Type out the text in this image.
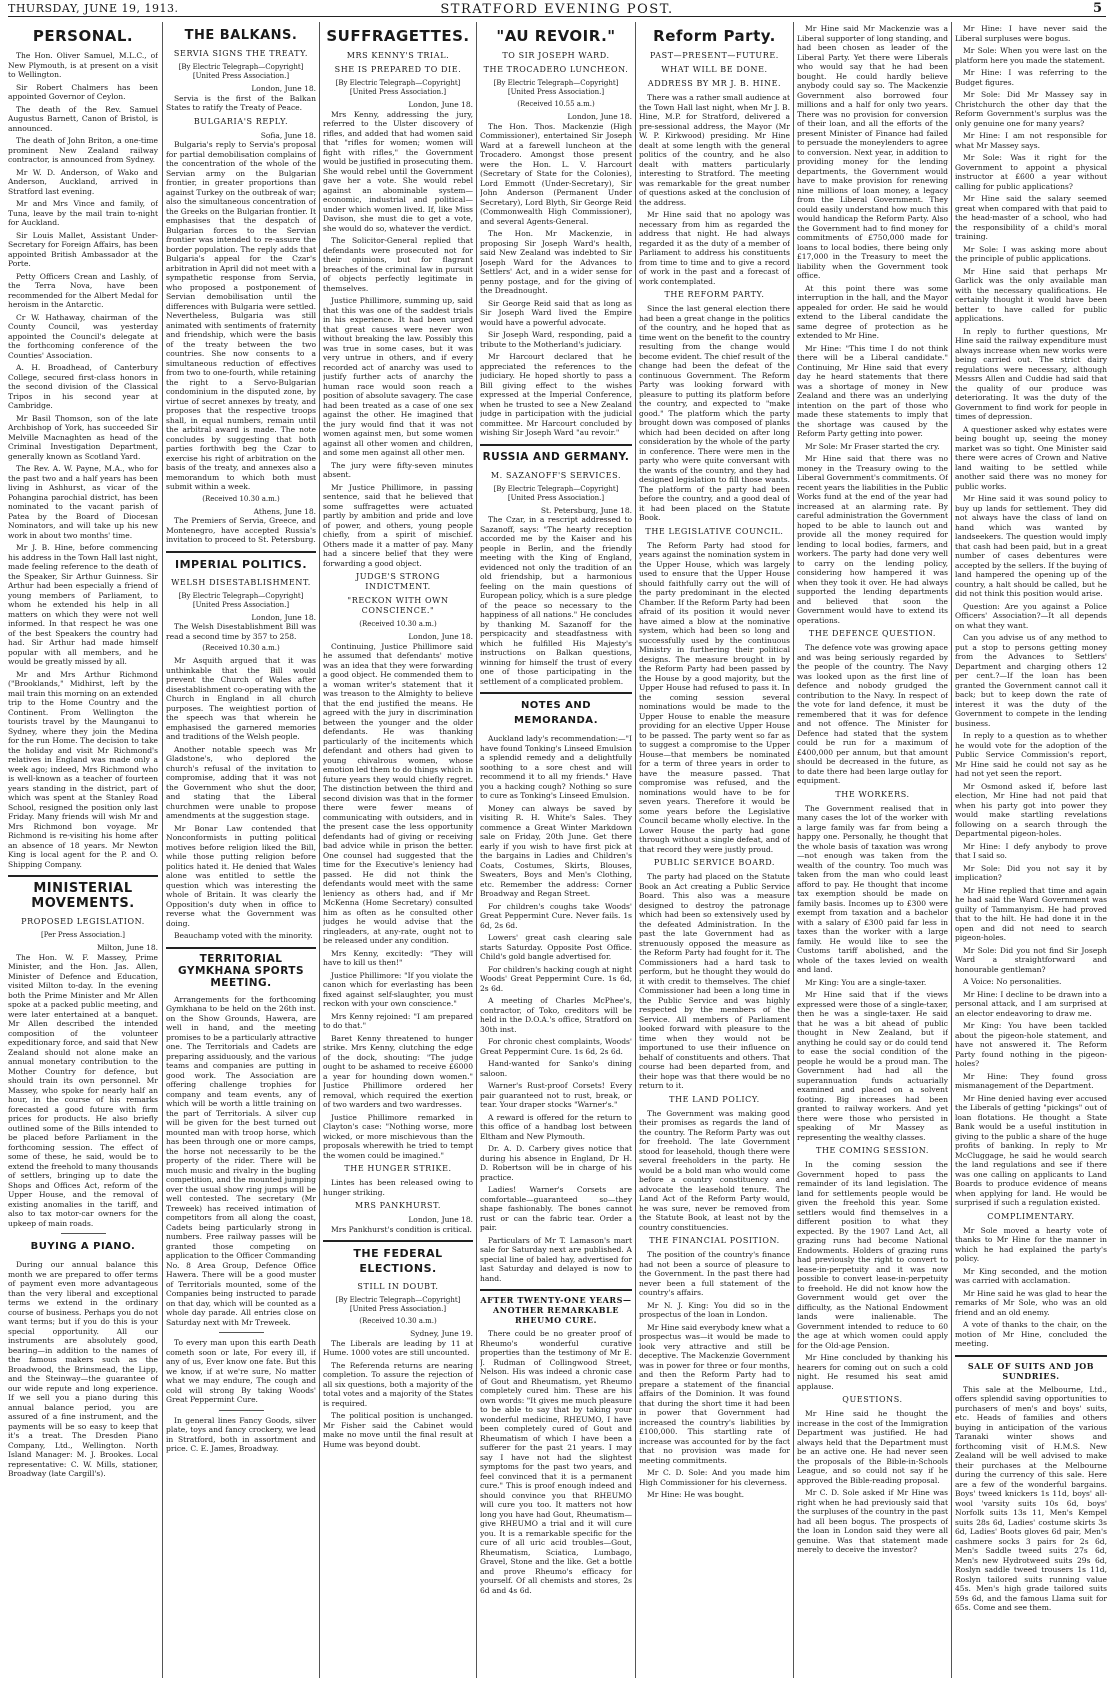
THURSDAY, JUNE 19, 1913.	STRATFORD EVENING POST.	5
PERSONAL.

The Hon. Oliver Samuel, M.L.C., of New Plymouth, is at present on a visit to Wellington.

Sir Robert Chalmers has been appointed Governor of Ceylon.

The death of the Rev. Samuel Augustus Barnett, Canon of Bristol, is announced.

The death of John Briton, a one-time prominent New Zealand railway contractor, is announced from Sydney.

Mr W. D. Anderson, of Wako and Anderson, Auckland, arrived in Stratford last evening.

Mr and Mrs Vince and family, of Tuna, leave by the mail train to-night for Auckland.

Sir Louis Mallet, Assistant Under-Secretary for Foreign Affairs, has been appointed British Ambassador at the Porte.

Petty Officers Crean and Lashly, of the Terra Nova, have been recommended for the Albert Medal for heroism in the Antarctic.

Cr W. Hathaway, chairman of the County Council, was yesterday appointed the Council's delegate at the forthcoming conference of the Counties' Association.

A. H. Broadhead, of Canterbury College, secured first-class honors in the second division of the Classical Tripos in his second year at Cambridge.

Mr Basil Thomson, son of the late Archbishop of York, has succeeded Sir Melville Macnaghten as head of the Criminal Investigation Department, generally known as Scotland Yard.

The Rev. A. W. Payne, M.A., who for the past two and a half years has been living in Ashhurst, as vicar of the Pohangina parochial district, has been nominated to the vacant parish of Patea by the Board of Diocesan Nominators, and will take up his new work in about two months' time.

Mr J. B. Hine, before commencing his address in the Town Hall last night, made feeling reference to the death of the Speaker, Sir Arthur Guinness. Sir Arthur had been especially a friend of young members of Parliament, to whom he extended his help in all matters on which they were not well informed. In that respect he was one of the best Speakers the country had had. Sir Arthur had made himself popular with all members, and he would be greatly missed by all.

Mr and Mrs Arthur Richmond ("Brooklands," Midhirst, left by the mail train this morning on an extended trip to the Home Country and the Continent. From Wellington the tourists travel by the Maunganui to Sydney, where they join the Medina for the run Home. The decision to take the holiday and visit Mr Richmond's relatives in England was made only a week ago; indeed, Mrs Richmond who is well-known as a teacher of fourteen years standing in the district, part of which was spent at the Stanley Road School, resigned the position only last Friday. Many friends will wish Mr and Mrs Richmond bon voyage. Mr Richmond is re-visiting his home after an absence of 18 years. Mr Newton King is local agent for the P. and O. Shipping Company.

MINISTERIAL MOVEMENTS.
PROPOSED LEGISLATION.
[Per Press Association.]
Milton, June 18.

The Hon. W. F. Massey, Prime Minister, and the Hon. Jas. Allen, Minister of Defence and Education, visited Milton to-day. In the evening both the Prime Minister and Mr Allen spoke at a packed public meeting, and were later entertained at a banquet. Mr Allen described the intended composition of the volunteer expeditionary force, and said that New Zealand should not alone make an annual monetary contribution to the Mother Country for defence, but should train its own personnel. Mr Massey, who spoke for nearly half an hour, in the course of his remarks forecasted a good future with firm prices for products. He also briefly outlined some of the Bills intended to be placed before Parliament in the forthcoming session. The effect of some of these, he said, would be to extend the freehold to many thousands of settlers, bringing up to date the Shops and Offices Act, reform of the Upper House, and the removal of existing anomalies in the tariff, and also to tax motor-car owners for the upkeep of main roads.

BUYING A PIANO.

During our annual balance this month we are prepared to offer terms of payment even more advantageous than the very liberal and exceptional terms we extend in the ordinary course of business. Perhaps you do not want terms; but if you do this is your special opportunity. All our instruments are absolutely good, bearing—in addition to the names of the famous makers such as the Broadwood, the Brinsmead, the Lipp, and the Steinway—the guarantee of our wide repute and long experience. If we sell you a piano during this annual balance period, you are assured of a fine instrument, and the payments will be so easy to keep that it's a treat. The Dresden Piano Company, Ltd., Wellington. North Island Manager: M. J. Brookes. Local representative: C. W. Mills, stationer, Broadway (late Cargill's).

THE BALKANS.
SERVIA SIGNS THE TREATY.
[By Electric Telegraph—Copyright] [United Press Association.]
London, June 18.

Servia is the first of the Balkan States to ratify the Treaty of Peace.

BULGARIA'S REPLY.
Sofia, June 18.

Bulgaria's reply to Servia's proposal for partial demobilisation complains of the concentration of the whole of the Servian army on the Bulgarian frontier, in greater proportions than against Turkey on the outbreak of war; also the simultaneous concentration of the Greeks on the Bulgarian frontier. It emphasises that the despatch of Bulgarian forces to the Servian frontier was intended to re-assure the border population. The reply adds that Bulgaria's appeal for the Czar's arbitration in April did not meet with a sympathetic response from Servia, who proposed a postponement of Servian demobilisation until the differences with Bulgaria were settled. Nevertheless, Bulgaria was still animated with sentiments of fraternity and friendship, which were the basis of the treaty between the two countries. She now consents to a simultaneous reduction of effectives from two to one-fourth, while retaining the right to a Servo-Bulgarian condominium in the disputed zone, by virtue of secret annexes by treaty, and proposes that the respective troops shall, in equal numbers, remain until the arbitral award is made. The note concludes by suggesting that both parties forthwith beg the Czar to exercise his right of arbitration on the basis of the treaty, and annexes also a memorandum to which both must submit within a week.

(Received 10.30 a.m.)
Athens, June 18.

The Premiers of Servia, Greece, and Montenegro, have accepted Russia's invitation to proceed to St. Petersburg.

IMPERIAL POLITICS.
WELSH DISESTABLISHMENT.
[By Electric Telegraph—Copyright] [United Press Association.]
London, June 18.

The Welsh Disestablishment Bill was read a second time by 357 to 258.

(Received 10.30 a.m.)

Mr Asquith argued that it was unthinkable that the Bill would prevent the Church of Wales after disestablishment co-operating with the Church in England in all church purposes. The weightiest portion of the speech was that wherein he emphasised the garnered memories and traditions of the Welsh people.

Another notable speech was Mr Gladstone's, who deplored the church's refusal of the invitation to compromise, adding that it was not the Government who shut the door, and stating that the Liberal churchmen were unable to propose amendments at the suggestion stage.

Mr Bonar Law contended that Nonconformists in putting political motives before religion liked the Bill, while those putting religion before politics hated it. He denied that Wales alone was entitled to settle the question which was interesting the whole of Britain. It was clearly the Opposition's duty when in office to reverse what the Government was doing.

Beauchamp voted with the minority.

TERRITORIAL GYMKHANA SPORTS MEETING.

Arrangements for the forthcoming Gymkhana to be held on the 26th inst. on the Show Grounds, Hawera, are well in hand, and the meeting promises to be a particularly attractive one. The Territorials and Cadets are preparing assiduously, and the various teams and companies are putting in good work. The Association are offering challenge trophies for company and team events, any of which will be worth a little training on the part of Territorials. A silver cup will be given for the best turned out mounted man with troop horse, which has been through one or more camps, the horse not necessarily to be the property of the rider. There will be much music and rivalry in the bugling competition, and the mounted jumping over the usual show ring jumps will be well contested. The secretary (Mr Treweek) has received intimation of competitors from all along the coast, Cadets being particularly strong in numbers. Free railway passes will be granted those competing on application to the Officer Commanding No. 8 Area Group, Defence Office Hawera. There will be a good muster of Territorials mounted, some of the Companies being instructed to parade on that day, which will be counted as a whole day parade. All entries close on Saturday next with Mr Treweek.

To every man upon this earth Death cometh soon or late, For every ill, if any of us, Ever know one fate. But this we know, if at we're sure, No matter what we may endure, The cough and cold will strong By taking Woods' Great Peppermint Cure.

In general lines Fancy Goods, silver plate, toys and fancy crockery, we lead in Stratford, both in assortment and price. C. E. James, Broadway.

SUFFRAGETTES.
MRS KENNY'S TRIAL.
SHE IS PREPARED TO DIE.
[By Electric Telegraph—Copyright] [United Press Association.]
London, June 18.

Mrs Kenny, addressing the jury, referred to the Ulster discovery of rifles, and added that had women said that "rifles for women; women will fight with rifles," the Government would be justified in prosecuting them. She would rebel until the Government gave her a vote. She would rebel against an abominable system—economic, industrial and political—under which women lived. If, like Miss Davison, she must die to get a vote, she would do so, whatever the verdict.

The Solicitor-General replied that defendants were prosecuted not for their opinions, but for flagrant breaches of the criminal law in pursuit of objects perfectly legitimate in themselves.

Justice Phillimore, summing up, said that this was one of the saddest trials in his experience. It had been urged that great causes were never won without breaking the law. Possibly this was true in some cases, but it was very untrue in others, and if every recorded act of anarchy was used to justify further acts of anarchy the human race would soon reach a position of absolute savagery. The case had been treated as a case of one sex against the other. He imagined that the jury would find that it was not women against men, but some women against all other women and children, and some men against all other men.

The jury were fifty-seven minutes absent.

Mr Justice Phillimore, in passing sentence, said that he believed that some suffragettes were actuated partly by ambition and pride and love of power, and others, young people chiefly, from a spirit of mischief. Others made it a matter of pay. Many had a sincere belief that they were forwarding a good object.

JUDGE'S STRONG INDICTMENT.
"RECKON WITH OWN CONSCIENCE."
(Received 10.30 a.m.)
London, June 18.

Continuing, Justice Phillimore said he assumed that defendants' motive was an idea that they were forwarding a good object. He commended them to a woman writer's statement that it was treason to the Almighty to believe that the end justified the means. He agreed with the jury in discrimination between the younger and the older defendants. He was thanking particularly of the incitements which defendant and others had given to young chivalrous women, whose emotion led them to do things which in future years they would chiefly regret. The distinction between the third and second division was that in the former there were fewer means of communicating with outsiders, and in the present case the less opportunity defendants had of giving or receiving bad advice while in prison the better. One counsel had suggested that the time for the Executive's leniency had passed. He did not think the defendants would meet with the same leniency as others had, and if Mr McKenna (Home Secretary) consulted him as often as he consulted other judges he would advise that the ringleaders, at any-rate, ought not to be released under any condition.

Mrs Kenny, excitedly: "They will have to kill us then!"

Justice Phillimore: "If you violate the canon which for everlasting has been fixed against self-slaughter, you must reckon with your own conscience."

Mrs Kenny rejoined: "I am prepared to do that."

Baret Kenny threatened to hunger strike. Mrs Kenny, clutching the edge of the dock, shouting: "The judge ought to be ashamed to receive £6000 a year for hounding down women." Justice Phillimore ordered her removal, which required the exertion of two warders and two wardresses.

Justice Phillimore remarked in Clayton's case: "Nothing worse, more wicked, or more mischievous than the proposals wherewith he tried to tempt the women could be imagined."

THE HUNGER STRIKE.

Lintes has been released owing to hunger striking.

MRS PANKHURST.
London, June 18.

Mrs Pankhurst's condition is critical.

THE FEDERAL ELECTIONS.
STILL IN DOUBT.
[By Electric Telegraph—Copyright] [United Press Association.]
(Received 10.30 a.m.)
Sydney, June 19.

The Liberals are leading by 11 at Hume. 1000 votes are still uncounted.

The Referenda returns are nearing completion. To assure the rejection of all six questions, both a majority of the total votes and a majority of the States is required.

The political position is unchanged. Mr Fisher said the Cabinet would make no move until the final result at Hume was beyond doubt.

"AU REVOIR."
TO SIR JOSEPH WARD.
THE TROCADERO LUNCHEON.
[By Electric Telegraph—Copyright] [United Press Association.]
(Received 10.55 a.m.)
London, June 18.

The Hon. Thos. Mackenzie (High Commissioner), entertained Sir Joseph Ward at a farewell luncheon at the Trocadero. Amongst those present were the Hon. L. V. Harcourt (Secretary of State for the Colonies), Lord Emmott (Under-Secretary), Sir John Anderson (Permanent Under Secretary), Lord Blyth, Sir George Reid (Commonwealth High Commissioner), and several Agents-General.

The Hon. Mr Mackenzie, in proposing Sir Joseph Ward's health, said New Zealand was indebted to Sir Joseph Ward for the Advances to Settlers' Act, and in a wider sense for penny postage, and for the giving of the Dreadnought.

Sir George Reid said that as long as Sir Joseph Ward lived the Empire would have a powerful advocate.

Sir Joseph Ward, responding, paid a tribute to the Motherland's judiciary.

Mr Harcourt declared that he appreciated the references to the judiciary. He hoped shortly to pass a Bill giving effect to the wishes expressed at the Imperial Conference, when he trusted to see a New Zealand judge in participation with the judicial committee. Mr Harcourt concluded by wishing Sir Joseph Ward "au revoir."

RUSSIA AND GERMANY.
M. SAZANOFF'S SERVICES.
[By Electric Telegraph—Copyright] [United Press Association.]
St. Petersburg, June 18.

The Czar, in a rescript addressed to Sazanoff, says: "The hearty reception accorded me by the Kaiser and his people in Berlin, and the friendly meeting with the King of England, evidenced not only the tradition of an old friendship, but a harmonious feeling on the main questions of European policy, which is a sure pledge of the peace so necessary to the happiness of all nations." He concludes by thanking M. Sazanoff for the perspicacity and steadfastness with which he fulfilled His Majesty's instructions on Balkan questions, winning for himself the trust of every one of those participating in the settlement of a complicated problem.

NOTES AND MEMORANDA.

Auckland lady's recommendation:—"I have found Tonking's Linseed Emulsion a splendid remedy and a delightfully soothing to a sore chest and will recommend it to all my friends." Have you a hacking cough? Nothing so sure to cure as Tonking's Linseed Emulsion.

Money can always be saved by visiting R. H. White's Sales. They commence a Great Winter Markdown sale on Friday, 20th June. Get there early if you wish to have first pick at the bargains in Ladies and Children's Coats, Costumes, Skirts, Blouses, Sweaters, Boys and Men's Clothing, etc. Remember the address: Corner Broadway and Regan Street.

For children's coughs take Woods' Great Peppermint Cure. Never fails. 1s 6d, 2s 6d.

Lowers' great cash clearing sale starts Saturday. Opposite Post Office. Child's gold bangle advertised for.

For children's hacking cough at night Woods' Great Peppermint Cure. 1s 6d, 2s 6d.

A meeting of Charles McPhee's, contractor, of Toko, creditors will be held in the D.O.A.'s office, Stratford on 30th inst.

For chronic chest complaints, Woods' Great Peppermint Cure. 1s 6d, 2s 6d.

Hand-wanted for Sanko's dining saloon.

Warner's Rust-proof Corsets! Every pair guaranteed not to rust, break, or tear. Your draper stocks "Warner's."

A reward is offered for the return to this office of a handbag lost between Eltham and New Plymouth.

Dr. A. D. Carbery gives notice that during his absence in England, Dr H. D. Robertson will be in charge of his practice.

Ladies! Warner's Corsets are comfortable—guaranteed so—they shape fashionably. The bones cannot rust or can the fabric tear. Order a pair.

Particulars of Mr T. Lamason's mart sale for Saturday next are published. A special line of baled hay, advertised for last Saturday and delayed is now to hand.

AFTER TWENTY-ONE YEARS—ANOTHER REMARKABLE RHEUMO CURE.

There could be no greater proof of Rheumo's wonderful curative properties than the testimony of Mr E. J. Rudman of Collingwood Street, Nelson. His was indeed a chronic case of Gout and Rheumatism, yet Rheumo completely cured him. These are his own words: "It gives me much pleasure to be able to say that by taking your wonderful medicine, RHEUMO, I have been completely cured of Gout and Rheumatism of which I have been a sufferer for the past 21 years. I may say I have not had the slightest symptoms for the past two years, and feel convinced that it is a permanent cure." This is proof enough indeed and should convince you that RHEUMO will cure you too. It matters not how long you have had Gout, Rheumatism—give RHEUMO a trial and it will cure you. It is a remarkable specific for the cure of all uric acid troubles—Gout, Rheumatism, Sciatica, Lumbago, Gravel, Stone and the like. Get a bottle and prove Rheumo's efficacy for yourself. Of all chemists and stores, 2s 6d and 4s 6d.

Reform Party.
PAST—PRESENT—FUTURE.
WHAT WILL BE DONE.
ADDRESS BY MR J. B. HINE.

There was a rather small audience at the Town Hall last night, when Mr J. B. Hine, M.P. for Stratford, delivered a pre-sessional address, the Mayor (Mr W. P. Kirkwood) presiding. Mr Hine dealt at some length with the general politics of the country, and he also dealt with matters particularly interesting to Stratford. The meeting was remarkable for the great number of questions asked at the conclusion of the address.

Mr Hine said that no apology was necessary from him as regarded the address that night. He had always regarded it as the duty of a member of Parliament to address his constituents from time to time and to give a record of work in the past and a forecast of work contemplated.

THE REFORM PARTY.

Since the last general election there had been a great change in the politics of the country, and he hoped that as time went on the benefit to the country resulting from the change would become evident. The chief result of the change had been the defeat of the continuous Government. The Reform Party was looking forward with pleasure to putting its platform before the country, and expected to "make good." The platform which the party brought down was composed of planks which had been decided on after long consideration by the whole of the party in conference. There were men in the party who were quite conversant with the wants of the country, and they had designed legislation to fill those wants. The platform of the party had been before the country, and a good deal of it had been placed on the Statute Book.

THE LEGISLATIVE COUNCIL.

The Reform Party had stood for years against the nomination system in the Upper House, which was largely used to ensure that the Upper House should faithfully carry out the will of the party predominant in the elected Chamber. If the Reform Party had been afraid of its position it would never have aimed a blow at the nominative system, which had been so long and successfully used by the continuous Ministry in furthering their political designs. The measure brought in by the Reform Party had been passed by the House by a good majority, but the Upper House had refused to pass it. In the coming session several nominations would be made to the Upper House to enable the measure providing for an elective Upper House to be passed. The party went so far as to suggest a compromise to the Upper House—that members be nominated for a term of three years in order to have the measure passed. That compromise was refused, and the nominations would have to be for seven years. Therefore it would be some years before the Legislative Council became wholly elective. In the Lower House the party had gone through without a single defeat, and of that record they were justly proud.

PUBLIC SERVICE BOARD.

The party had placed on the Statute Book an Act creating a Public Service Board. This also was a measure designed to destroy the patronage which had been so extensively used by the defeated Administration. In the past the late Government had as strenuously opposed the measure as the Reform Party had fought for it. The Commissioners had a hard task to perform, but he thought they would do it with credit to themselves. The chief Commissioner had been a long time in the Public Service and was highly respected by the members of the Service. All members of Parliament looked forward with pleasure to the time when they would not be importuned to use their influence on behalf of constituents and others. That course had been departed from, and their hope was that there would be no return to it.

THE LAND POLICY.

The Government was making good their promises as regards the land of the country. The Reform Party was out for freehold. The late Government stood for leasehold, though there were several freeholders in the party. He would be a bold man who would come before a country constituency and advocate the leasehold tenure. The Land Act of the Reform Party would, he was sure, never be removed from the Statute Book, at least not by the country constituencies.

THE FINANCIAL POSITION.

The position of the country's finance had not been a source of pleasure to the Government. In the past there had never been a full statement of the country's affairs.

Mr N. J. King: You did so in the prospectus of the loan in London.

Mr Hine said everybody knew what a prospectus was—it would be made to look very attractive and still be deceptive. The Mackenzie Government was in power for three or four months, and then the Reform Party had to prepare a statement of the financial affairs of the Dominion. It was found that during the short time it had been in power that Government had increased the country's liabilities by £100,000. This startling rate of increase was accounted for by the fact that no provision was made for meeting commitments.

Mr C. D. Sole: And you made him High Commissioner for his cleverness.

Mr Hine: He was bought.

Mr Hine said Mr Mackenzie was a Liberal supporter of long standing, and had been chosen as leader of the Liberal Party. Yet there were Liberals who would say that he had been bought. He could hardly believe anybody could say so. The Mackenzie Government also borrowed four millions and a half for only two years. There was no provision for conversion of their loan, and all the efforts of the present Minister of Finance had failed to persuade the moneylenders to agree to conversion. Next year, in addition to providing money for the lending departments, the Government would have to make provision for renewing nine millions of loan money, a legacy from the Liberal Government. They could easily understand how much this would handicap the Reform Party. Also the Government had to find money for commitments of £750,000 made for loans to local bodies, there being only £17,000 in the Treasury to meet the liability when the Government took office.

At this point there was some interruption in the hall, and the Mayor appealed for order. He said he would extend to the Liberal candidate the same degree of protection as he extended to Mr Hine.

Mr Hine: "This time I do not think there will be a Liberal candidate." Continuing, Mr Hine said that every day he heard statements that there was a shortage of money in New Zealand and there was an underlying intention on the part of those who made these statements to imply that the shortage was caused by the Reform Party getting into power.

Mr Sole: Mr Fraser started the cry.

Mr Hine said that there was no money in the Treasury owing to the Liberal Government's commitments. Of recent years the liabilities in the Public Works fund at the end of the year had increased at an alarming rate. By careful administration the Government hoped to be able to launch out and provide all the money required for lending to local bodies, farmers, and workers. The party had done very well to carry on the lending policy, considering how hampered it was when they took it over. He had always supported the lending departments and believed that soon the Government would have to extend its operations.

THE DEFENCE QUESTION.

The defence vote was growing apace and was being seriously regarded by the people of the country. The Navy was looked upon as the first line of defence and nobody grudged the contribution to the Navy. In respect of the vote for land defence, it must be remembered that it was for defence and not offence. The Minister for Defence had stated that the system could be run for a maximum of £400,000 per annum, but that amount should be decreased in the future, as to date there had been large outlay for equipment.

THE WORKERS.

The Government realised that in many cases the lot of the worker with a large family was far from being a happy one. Personally, he thought that the whole basis of taxation was wrong—not enough was taken from the wealth of the country. Too much was taken from the man who could least afford to pay. He thought that income tax exemption should be made on family basis. Incomes up to £300 were exempt from taxation and a bachelor with a salary of £300 paid far less in taxes than the worker with a large family. He would like to see the Customs tariff abolished, and the whole of the taxes levied on wealth and land.

Mr King: You are a single-taxer.

Mr Hine said that if the views expressed were those of a single-taxer, then he was a single-taxer. He said that he was a bit ahead of public thought in New Zealand, but if anything he could say or do could tend to ease the social condition of the people he would be a proud man. The Government had had all the superannuation funds actuarially examined and placed on a solvent footing. Big increases had been granted to railway workers. And yet there were those who persisted in speaking of Mr Massey as representing the wealthy classes.

THE COMING SESSION.

In the coming session the Government hoped to pass the remainder of its land legislation. The land for settlements people would be given the freehold this year. Some settlers would find themselves in a different position to what they expected. By the 1907 Land Act, all grazing runs had become National Endowments. Holders of grazing runs had previously the right to convert to lease-in-perpetuity and it was now possible to convert lease-in-perpetuity to freehold. He did not know how the Government would get over the difficulty, as the National Endowment lands were inalienable. The Government intended to reduce to 60 the age at which women could apply for the Old-age Pension.

Mr Hine concluded by thanking his hearers for coming out on such a cold night. He resumed his seat amid applause.

QUESTIONS.

Mr Hine said he thought the increase in the cost of the Immigration Department was justified. He had always held that the Department must be an active one. He had never seen the proposals of the Bible-in-Schools League, and so could not say if he approved the Bible-reading proposal.

Mr C. D. Sole asked if Mr Hine was right when he had previously said that the surpluses of the country in the past had all been bogus. The prospects of the loan in London said they were all genuine. Was that statement made merely to deceive the investor?

Mr Hine: I have never said the Liberal surpluses were bogus.

Mr Sole: When you were last on the platform here you made the statement.

Mr Hine: I was referring to the Budget figures.

Mr Sole: Did Mr Massey say in Christchurch the other day that the Reform Government's surplus was the only genuine one for many years?

Mr Hine: I am not responsible for what Mr Massey says.

Mr Sole: Was it right for the Government to appoint a physical instructor at £600 a year without calling for public applications?

Mr Hine said the salary seemed great when compared with that paid to the head-master of a school, who had the responsibility of a child's moral training.

Mr Sole: I was asking more about the principle of public applications.

Mr Hine said that perhaps Mr Garlick was the only available man with the necessary qualifications. He certainly thought it would have been better to have called for public applications.

In reply to further questions, Mr Hine said the railway expenditure must always increase when new works were being carried out. The strict dairy regulations were necessary, although Messrs Allen and Cuddie had said that the quality of our produce was deteriorating. It was the duty of the Government to find work for people in times of depression.

A questioner asked why estates were being bought up, seeing the money market was so tight. One Minister said there were acres of Crown and Native land waiting to be settled while another said there was no money for public works.

Mr Hine said it was sound policy to buy up lands for settlement. They did not always have the class of land on hand which was wanted by landseekers. The question would imply that cash had been paid, but in a great number of cases debentures were accepted by the sellers. If the buying of land hampered the opening up of the country, a halt should be called, but he did not think this position would arise.

Question: Are you against a Police Officers' Association?—It all depends on what they want.

Can you advise us of any method to put a stop to persons getting money from the Advances to Settlers' Department and charging others 12 per cent.?—If the loan has been granted the Government cannot call it back; but to keep down the rate of interest it was the duty of the Government to compete in the lending business.

In reply to a question as to whether he would vote for the adoption of the Public Service Commission's report, Mr Hine said he could not say as he had not yet seen the report.

Mr Osmond asked if, before last election, Mr Hine had not paid that when his party got into power they would make startling revelations following on a search through the Departmental pigeon-holes.

Mr Hine: I defy anybody to prove that I said so.

Mr Sole: Did you not say it by implication?

Mr Hine replied that time and again he had said the Ward Government was guilty of Tammanyism. He had proved that to the hilt. He had done it in the open and did not need to search pigeon-holes.

Mr Sole: Did you not find Sir Joseph Ward a straightforward and honourable gentleman?

A Voice: No personalities.

Mr Hine: I decline to be drawn into a personal attack, and I am surprised at an elector endeavoring to draw me.

Mr King: You have been tackled about the pigeon-hole statement, and have not answered it. The Reform Party found nothing in the pigeon-holes?

Mr Hine: They found gross mismanagement of the Department.

Mr Hine denied having ever accused the Liberals of getting "pickings" out of loan flotations. He thought a State Bank would be a useful institution in giving to the public a share of the huge profits of banking. In reply to Mr McCluggage, he said he would search the land regulations and see if there was one calling on applicants to Land Boards to produce evidence of means when applying for land. He would be surprised if such a regulation existed.

COMPLIMENTARY.

Mr Sole moved a hearty vote of thanks to Mr Hine for the manner in which he had explained the party's policy.

Mr King seconded, and the motion was carried with acclamation.

Mr Hine said he was glad to hear the remarks of Mr Sole, who was an old friend and an old enemy.

A vote of thanks to the chair, on the motion of Mr Hine, concluded the meeting.

SALE OF SUITS AND JOB SUNDRIES.

This sale at the Melbourne, Ltd., offers splendid saving opportunities to purchasers of men's and boys' suits, etc. Heads of families and others buying in anticipation of the various Taranaki winter shows and forthcoming visit of H.M.S. New Zealand will be well advised to make their purchases at the Melbourne during the currency of this sale. Here are a few of the wonderful bargains. Boys' tweed knickers 1s 11d, boys' all-wool 'varsity suits 10s 6d, boys' Norfolk suits 13s 11, Men's Kempel suits 28s 6d, Ladies' costume skirts 3s 6d, Ladies' Boots gloves 6d pair, Men's cashmere socks 3 pairs for 2s 6d, Men's Saddle tweed suits 27s 6d, Men's new Hydrotweed suits 29s 6d, Roslyn saddle tweed trousers 1s 11d, Roslyn tailored suits running value 45s. Men's high grade tailored suits 59s 6d, and the famous Llama suit for 65s. Come and see them.
